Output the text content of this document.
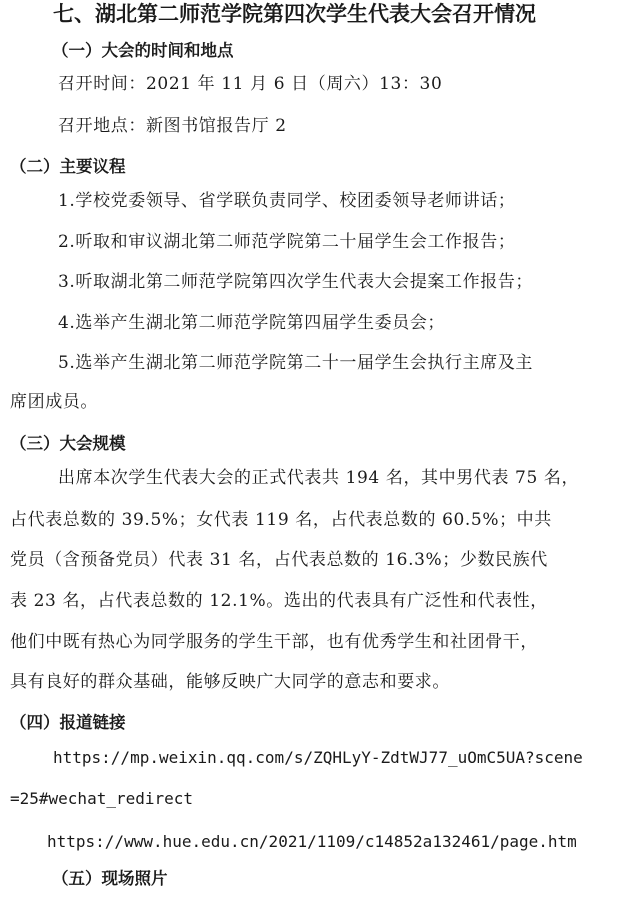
七、湖北第二师范学院第四次学生代表大会召开情况
（一）大会的时间和地点
召开时间：2021 年 11 月 6 日（周六）13：30
召开地点：新图书馆报告厅 2
（二）主要议程
1.学校党委领导、省学联负责同学、校团委领导老师讲话；
2.听取和审议湖北第二师范学院第二十届学生会工作报告；
3.听取湖北第二师范学院第四次学生代表大会提案工作报告；
4.选举产生湖北第二师范学院第四届学生委员会；
5.选举产生湖北第二师范学院第二十一届学生会执行主席及主
席团成员。
（三）大会规模
出席本次学生代表大会的正式代表共 194 名，其中男代表 75 名，
占代表总数的 39.5%；女代表 119 名，占代表总数的 60.5%；中共
党员（含预备党员）代表 31 名，占代表总数的 16.3%；少数民族代
表 23 名，占代表总数的 12.1%。选出的代表具有广泛性和代表性，
他们中既有热心为同学服务的学生干部，也有优秀学生和社团骨干，
具有良好的群众基础，能够反映广大同学的意志和要求。
（四）报道链接
https://mp.weixin.qq.com/s/ZQHLyY-ZdtWJ77_uOmC5UA?scene
=25#wechat_redirect
https://www.hue.edu.cn/2021/1109/c14852a132461/page.htm
（五）现场照片
